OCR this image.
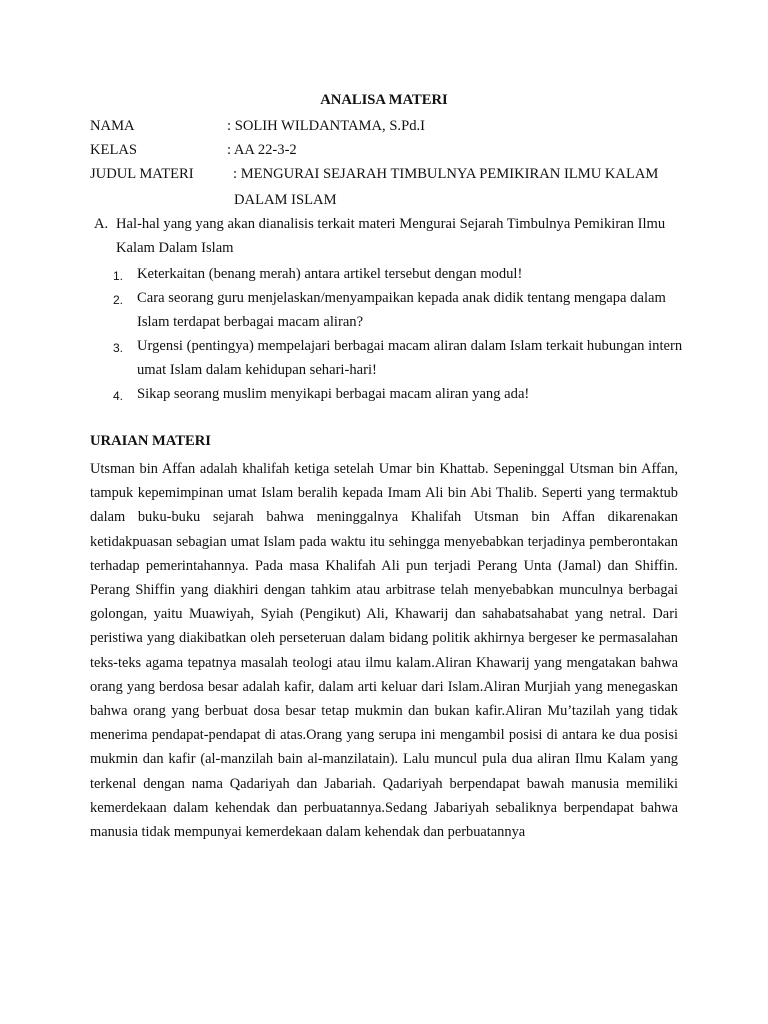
ANALISA MATERI
NAMA	: SOLIH WILDANTAMA, S.Pd.I
KELAS	: AA 22-3-2
JUDUL MATERI	: MENGURAI SEJARAH TIMBULNYA PEMIKIRAN ILMU KALAM
DALAM ISLAM
A. Hal-hal yang yang akan dianalisis terkait materi Mengurai Sejarah Timbulnya Pemikiran Ilmu Kalam Dalam Islam
1. Keterkaitan (benang merah) antara artikel tersebut dengan modul!
2. Cara seorang guru menjelaskan/menyampaikan kepada anak didik tentang mengapa dalam Islam terdapat berbagai macam aliran?
3. Urgensi (pentingya) mempelajari berbagai macam aliran dalam Islam terkait hubungan intern umat Islam dalam kehidupan sehari-hari!
4. Sikap seorang muslim menyikapi berbagai macam aliran yang ada!
URAIAN MATERI
Utsman bin Affan adalah khalifah ketiga setelah Umar bin Khattab. Sepeninggal Utsman bin Affan, tampuk kepemimpinan umat Islam beralih kepada Imam Ali bin Abi Thalib. Seperti yang termaktub dalam buku-buku sejarah bahwa meninggalnya Khalifah Utsman bin Affan dikarenakan ketidakpuasan sebagian umat Islam pada waktu itu sehingga menyebabkan terjadinya pemberontakan terhadap pemerintahannya. Pada masa Khalifah Ali pun terjadi Perang Unta (Jamal) dan Shiffin. Perang Shiffin yang diakhiri dengan tahkim atau arbitrase telah menyebabkan munculnya berbagai golongan, yaitu Muawiyah, Syiah (Pengikut) Ali, Khawarij dan sahabatsahabat yang netral. Dari peristiwa yang diakibatkan oleh perseteruan dalam bidang politik akhirnya bergeser ke permasalahan teks-teks agama tepatnya masalah teologi atau ilmu kalam.Aliran Khawarij yang mengatakan bahwa orang yang berdosa besar adalah kafir, dalam arti keluar dari Islam.Aliran Murjiah yang menegaskan bahwa orang yang berbuat dosa besar tetap mukmin dan bukan kafir.Aliran Mu’tazilah yang tidak menerima pendapat-pendapat di atas.Orang yang serupa ini mengambil posisi di antara ke dua posisi mukmin dan kafir (al-manzilah bain al-manzilatain). Lalu muncul pula dua aliran Ilmu Kalam yang terkenal dengan nama Qadariyah dan Jabariah. Qadariyah berpendapat bawah manusia memiliki kemerdekaan dalam kehendak dan perbuatannya.Sedang Jabariyah sebaliknya berpendapat bahwa manusia tidak mempunyai kemerdekaan dalam kehendak dan perbuatannya
